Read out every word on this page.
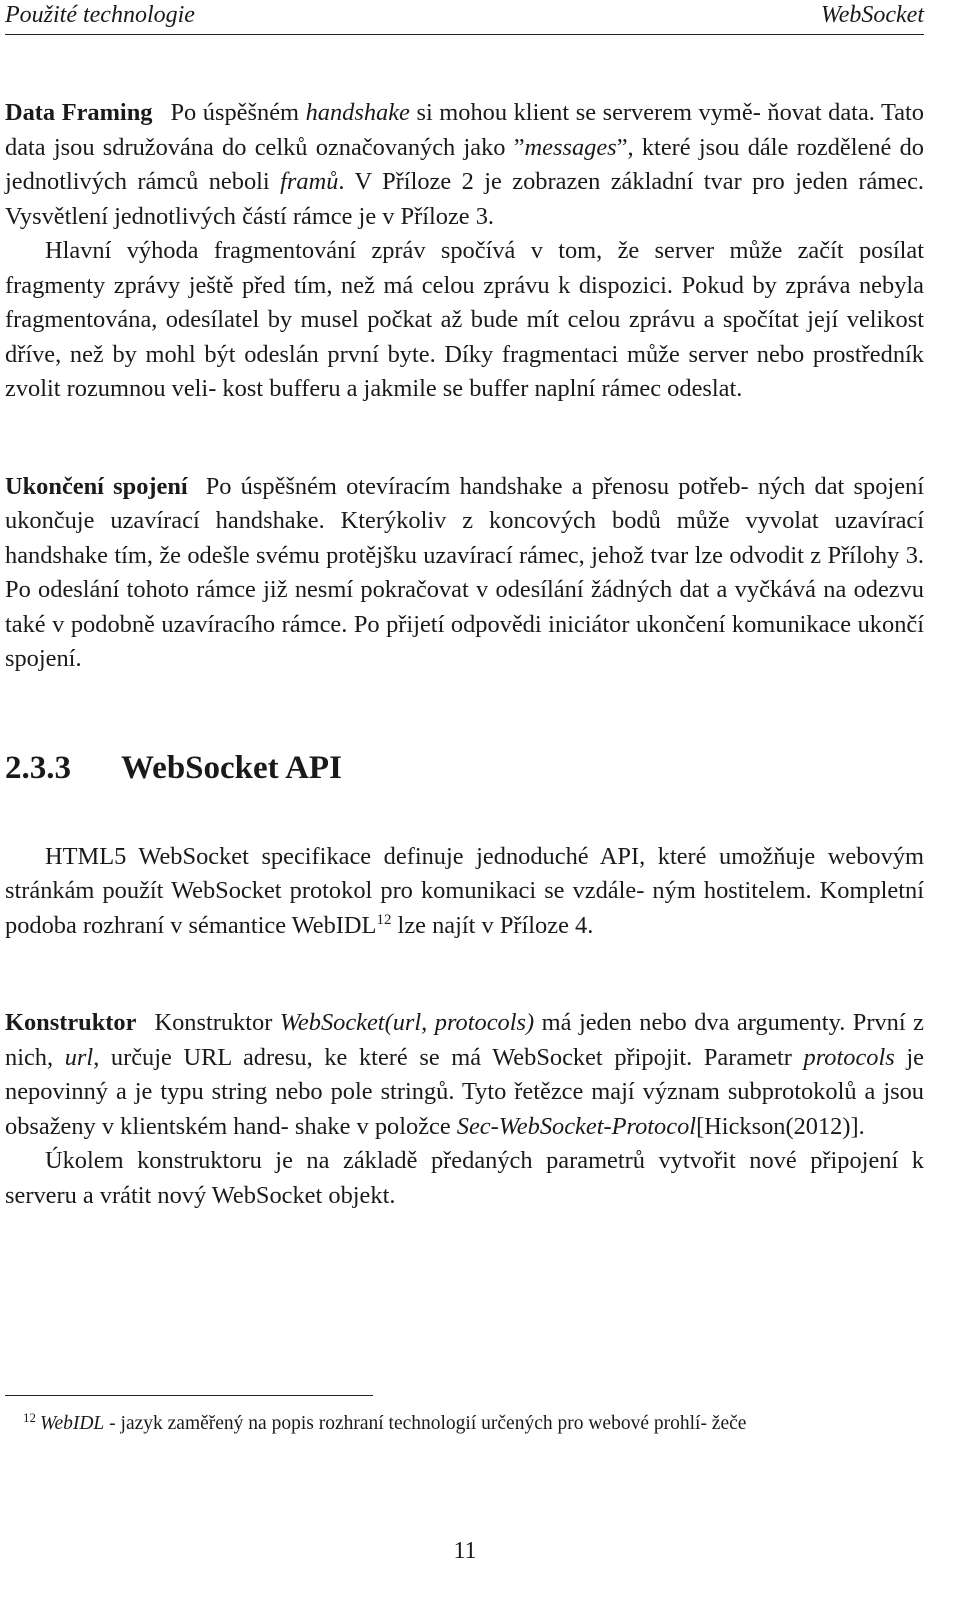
Použité technologie	WebSocket

Data Framing Po úspěšném handshake si mohou klient se serverem vymě- ňovat data. Tato data jsou sdružována do celků označovaných jako ”messages”, které jsou dále rozdělené do jednotlivých rámců neboli framů. V Příloze 2 je zobrazen základní tvar pro jeden rámec. Vysvětlení jednotlivých částí rámce je v Příloze 3.

Hlavní výhoda fragmentování zpráv spočívá v tom, že server může začít posílat fragmenty zprávy ještě před tím, než má celou zprávu k dispozici. Pokud by zpráva nebyla fragmentována, odesílatel by musel počkat až bude mít celou zprávu a spočítat její velikost dříve, než by mohl být odeslán první byte. Díky fragmentaci může server nebo prostředník zvolit rozumnou veli- kost bufferu a jakmile se buffer naplní rámec odeslat.

Ukončení spojení Po úspěšném otevíracím handshake a přenosu potřeb- ných dat spojení ukončuje uzavírací handshake. Kterýkoliv z koncových bodů může vyvolat uzavírací handshake tím, že odešle svému protějšku uzavírací rámec, jehož tvar lze odvodit z Přílohy 3. Po odeslání tohoto rámce již nesmí pokračovat v odesílání žádných dat a vyčkává na odezvu také v podobně uzavíracího rámce. Po přijetí odpovědi iniciátor ukončení komunikace ukončí spojení.

2.3.3 WebSocket API

HTML5 WebSocket specifikace definuje jednoduché API, které umožňuje webovým stránkám použít WebSocket protokol pro komunikaci se vzdále- ným hostitelem. Kompletní podoba rozhraní v sémantice WebIDL$^{12}$ lze najít v Příloze 4.

Konstruktor Konstruktor WebSocket(url, protocols) má jeden nebo dva argumenty. První z nich, url, určuje URL adresu, ke které se má WebSocket připojit. Parametr protocols je nepovinný a je typu string nebo pole stringů. Tyto řetězce mají význam subprotokolů a jsou obsaženy v klientském hand- shake v položce Sec-WebSocket-Protocol[Hickson(2012)].

Úkolem konstruktoru je na základě předaných parametrů vytvořit nové připojení k serveru a vrátit nový WebSocket objekt.

$^{12}$ WebIDL - jazyk zaměřený na popis rozhraní technologií určených pro webové prohlí- žeče
11
